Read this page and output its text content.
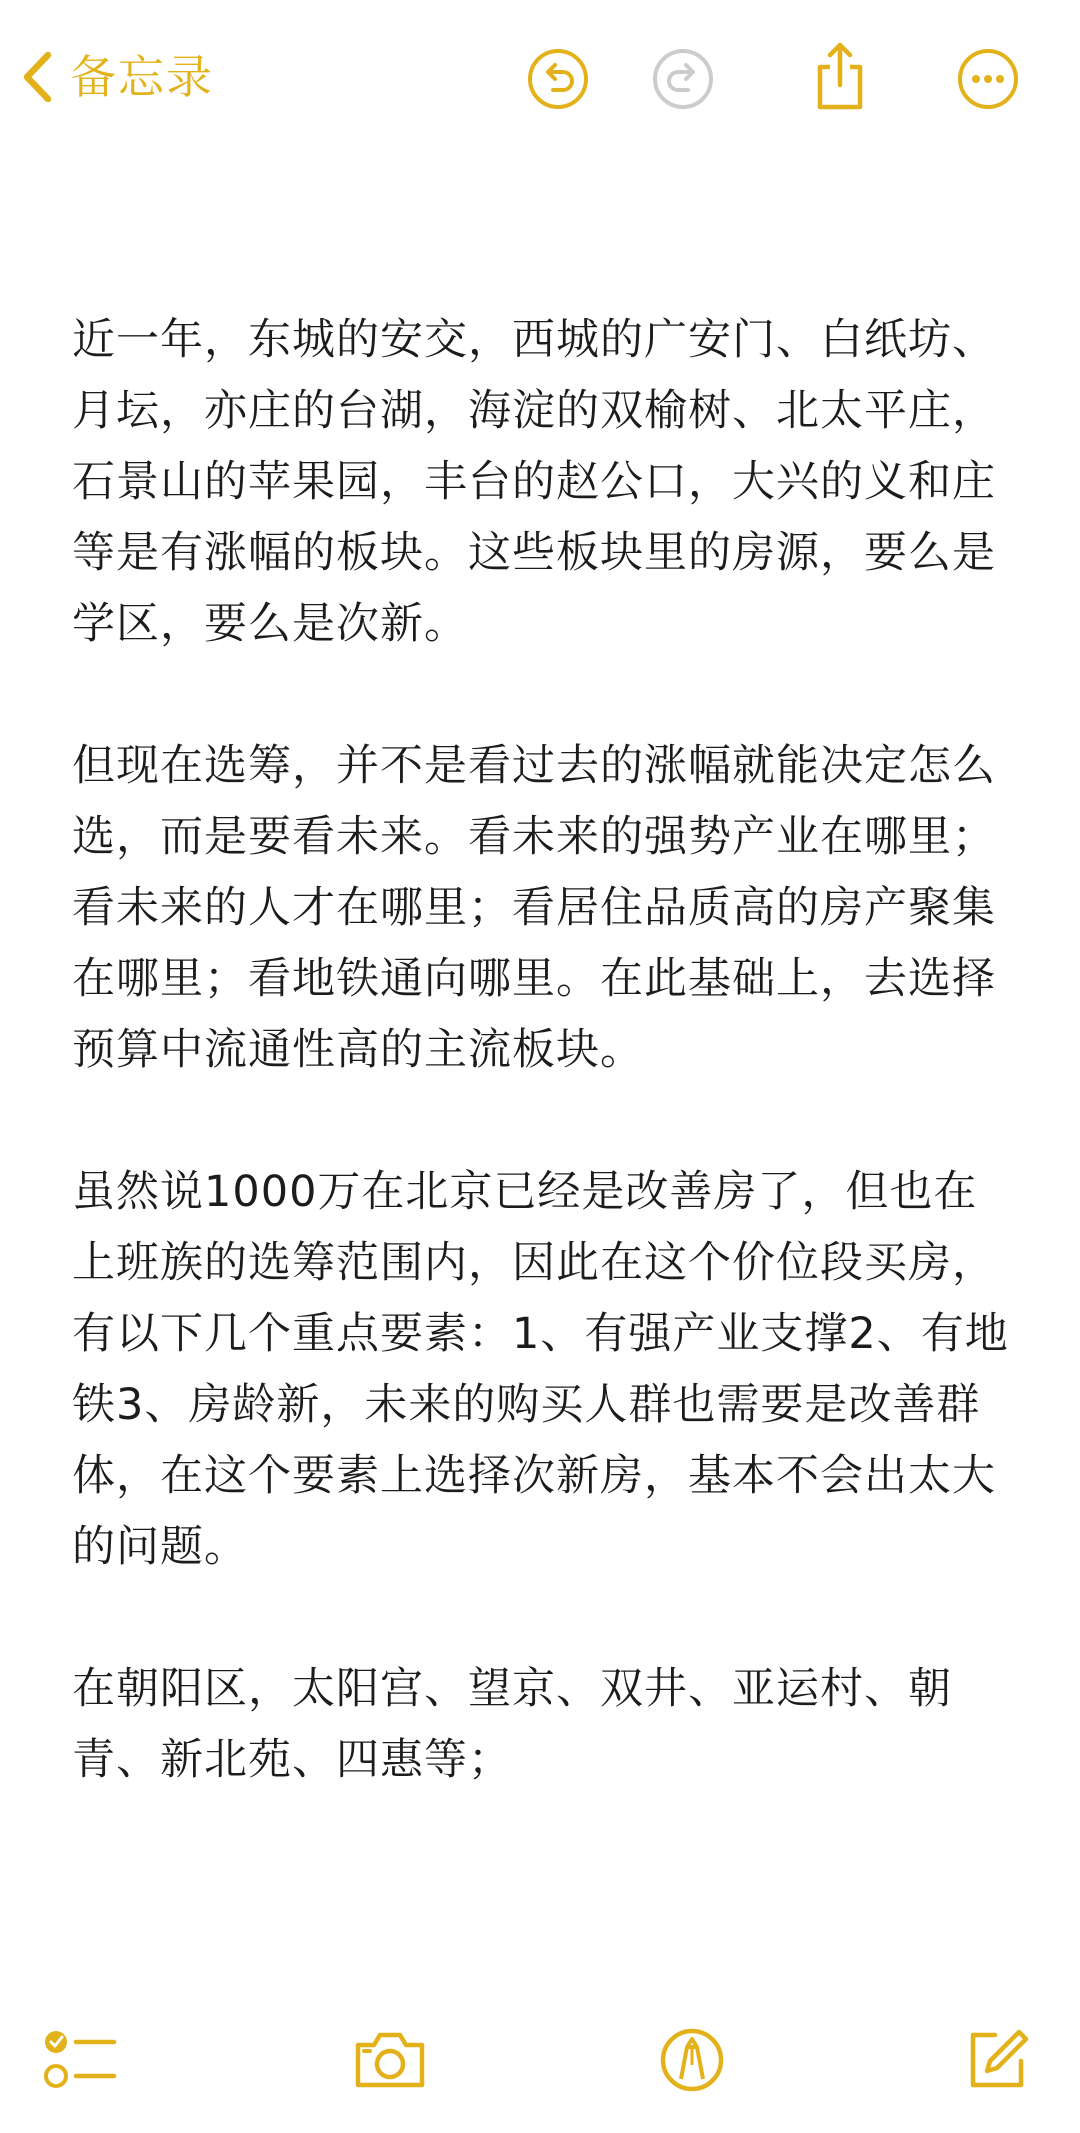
备忘录

近一年，东城的安交，西城的广安门、白纸坊、月坛，亦庄的台湖，海淀的双榆树、北太平庄，石景山的苹果园，丰台的赵公口，大兴的义和庄等是有涨幅的板块。这些板块里的房源，要么是学区，要么是次新。

但现在选筹，并不是看过去的涨幅就能决定怎么选，而是要看未来。看未来的强势产业在哪里；看未来的人才在哪里；看居住品质高的房产聚集在哪里；看地铁通向哪里。在此基础上，去选择预算中流通性高的主流板块。

虽然说1000万在北京已经是改善房了，但也在上班族的选筹范围内，因此在这个价位段买房，有以下几个重点要素：1、有强产业支撑2、有地铁3、房龄新，未来的购买人群也需要是改善群体，在这个要素上选择次新房，基本不会出太大的问题。

在朝阳区，太阳宫、望京、双井、亚运村、朝青、新北苑、四惠等；
